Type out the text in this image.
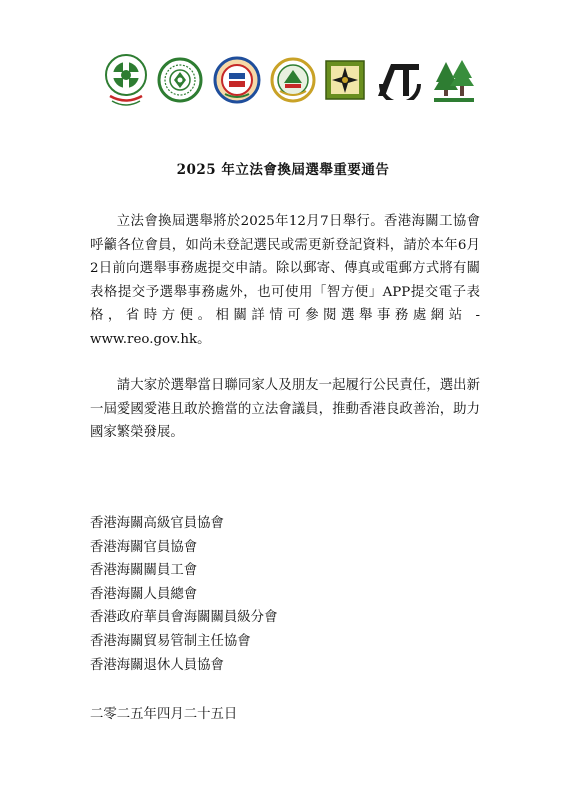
2025 年立法會換屆選舉重要通告

立法會換屆選舉將於2025年12月7日舉行。香港海關工協會呼籲各位會員，如尚未登記選民或需更新登記資料，請於本年6月2日前向選舉事務處提交申請。除以郵寄、傳真或電郵方式將有關表格提交予選舉事務處外，也可使用「智方便」APP提交電子表格，省時方便。相關詳情可參閱選舉事務處網站 - www.reo.gov.hk。

請大家於選舉當日聯同家人及朋友一起履行公民責任，選出新一屆愛國愛港且敢於擔當的立法會議員，推動香港良政善治，助力國家繁榮發展。

香港海關高級官員協會
香港海關官員協會
香港海關關員工會
香港海關人員總會
香港政府華員會海關關員級分會
香港海關貿易管制主任協會
香港海關退休人員協會
二零二五年四月二十五日
